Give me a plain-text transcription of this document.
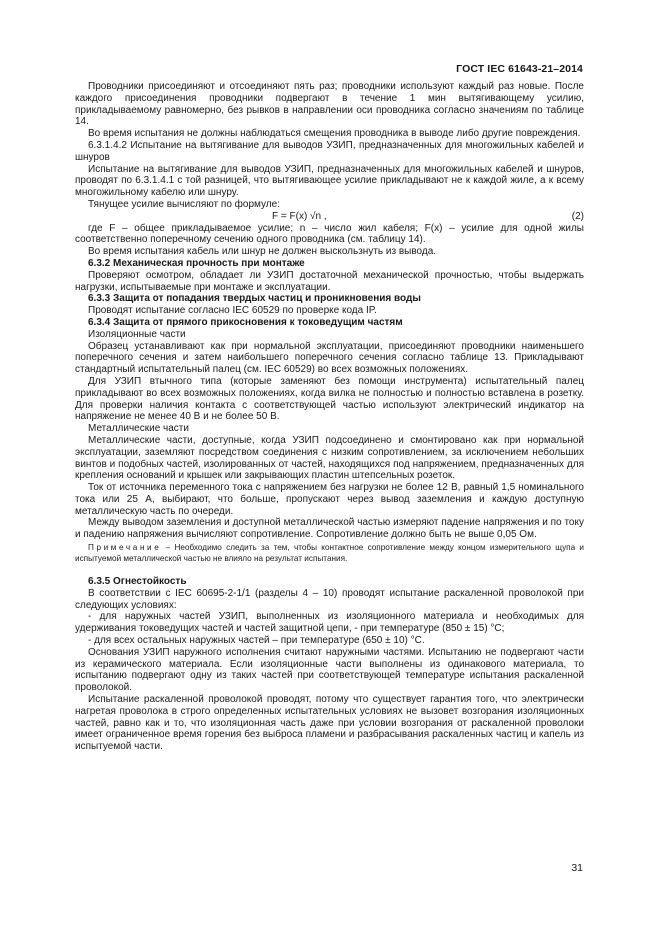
ГОСТ IEC 61643-21–2014

Проводники присоединяют и отсоединяют пять раз; проводники используют каждый раз новые. После каждого присоединения проводники подвергают в течение 1 мин вытягивающему усилию, прикладываемому равномерно, без рывков в направлении оси проводника согласно значениям по таблице 14.

Во время испытания не должны наблюдаться смещения проводника в выводе либо другие повреждения.

6.3.1.4.2 Испытание на вытягивание для выводов УЗИП, предназначенных для многожильных кабелей и шнуров

Испытание на вытягивание для выводов УЗИП, предназначенных для многожильных кабелей и шнуров, проводят по 6.3.1.4.1 с той разницей, что вытягивающее усилие прикладывают не к каждой жиле, а к всему многожильному кабелю или шнуру.

Тянущее усилие вычисляют по формуле:

F = F(x) √n ,	(2)

где F – общее прикладываемое усилие; n – число жил кабеля; F(x) – усилие для одной жилы соответственно поперечному сечению одного проводника (см. таблицу 14).

Во время испытания кабель или шнур не должен выскользнуть из вывода.

6.3.2 Механическая прочность при монтаже

Проверяют осмотром, обладает ли УЗИП достаточной механической прочностью, чтобы выдержать нагрузки, испытываемые при монтаже и эксплуатации.

6.3.3 Защита от попадания твердых частиц и проникновения воды

Проводят испытание согласно IEC 60529 по проверке кода IP.

6.3.4 Защита от прямого прикосновения к токоведущим частям

Изоляционные части

Образец устанавливают как при нормальной эксплуатации, присоединяют проводники наименьшего поперечного сечения и затем наибольшего поперечного сечения согласно таблице 13. Прикладывают стандартный испытательный палец (см. IEC 60529) во всех возможных положениях.

Для УЗИП втычного типа (которые заменяют без помощи инструмента) испытательный палец прикладывают во всех возможных положениях, когда вилка не полностью и полностью вставлена в розетку. Для проверки наличия контакта с соответствующей частью используют электрический индикатор на напряжение не менее 40 В и не более 50 В.

Металлические части

Металлические части, доступные, когда УЗИП подсоединено и смонтировано как при нормальной эксплуатации, заземляют посредством соединения с низким сопротивлением, за исключением небольших винтов и подобных частей, изолированных от частей, находящихся под напряжением, предназначенных для крепления оснований и крышек или закрывающих пластин штепсельных розеток.

Ток от источника переменного тока с напряжением без нагрузки не более 12 В, равный 1,5 номинального тока или 25 А, выбирают, что больше, пропускают через вывод заземления и каждую доступную металлическую часть по очереди.

Между выводом заземления и доступной металлической частью измеряют падение напряжения и по току и падению напряжения вычисляют сопротивление. Сопротивление должно быть не выше 0,05 Ом.

Примечание – Необходимо следить за тем, чтобы контактное сопротивление между концом измерительного щупа и испытуемой металлической частью не влияло на результат испытания.

6.3.5 Огнестойкость

В соответствии с IEC 60695-2-1/1 (разделы 4 – 10) проводят испытание раскаленной проволокой при следующих условиях:

- для наружных частей УЗИП, выполненных из изоляционного материала и необходимых для удерживания токоведущих частей и частей защитной цепи, - при температуре (850 ± 15) °С;

- для всех остальных наружных частей – при температуре (650 ± 10) °С.

Основания УЗИП наружного исполнения считают наружными частями. Испытанию не подвергают части из керамического материала. Если изоляционные части выполнены из одинакового материала, то испытанию подвергают одну из таких частей при соответствующей температуре испытания раскаленной проволокой.

Испытание раскаленной проволокой проводят, потому что существует гарантия того, что электрически нагретая проволока в строго определенных испытательных условиях не вызовет возгорания изоляционных частей, равно как и то, что изоляционная часть даже при условии возгорания от раскаленной проволоки имеет ограниченное время горения без выброса пламени и разбрасывания раскаленных частиц и капель из испытуемой части.

31
